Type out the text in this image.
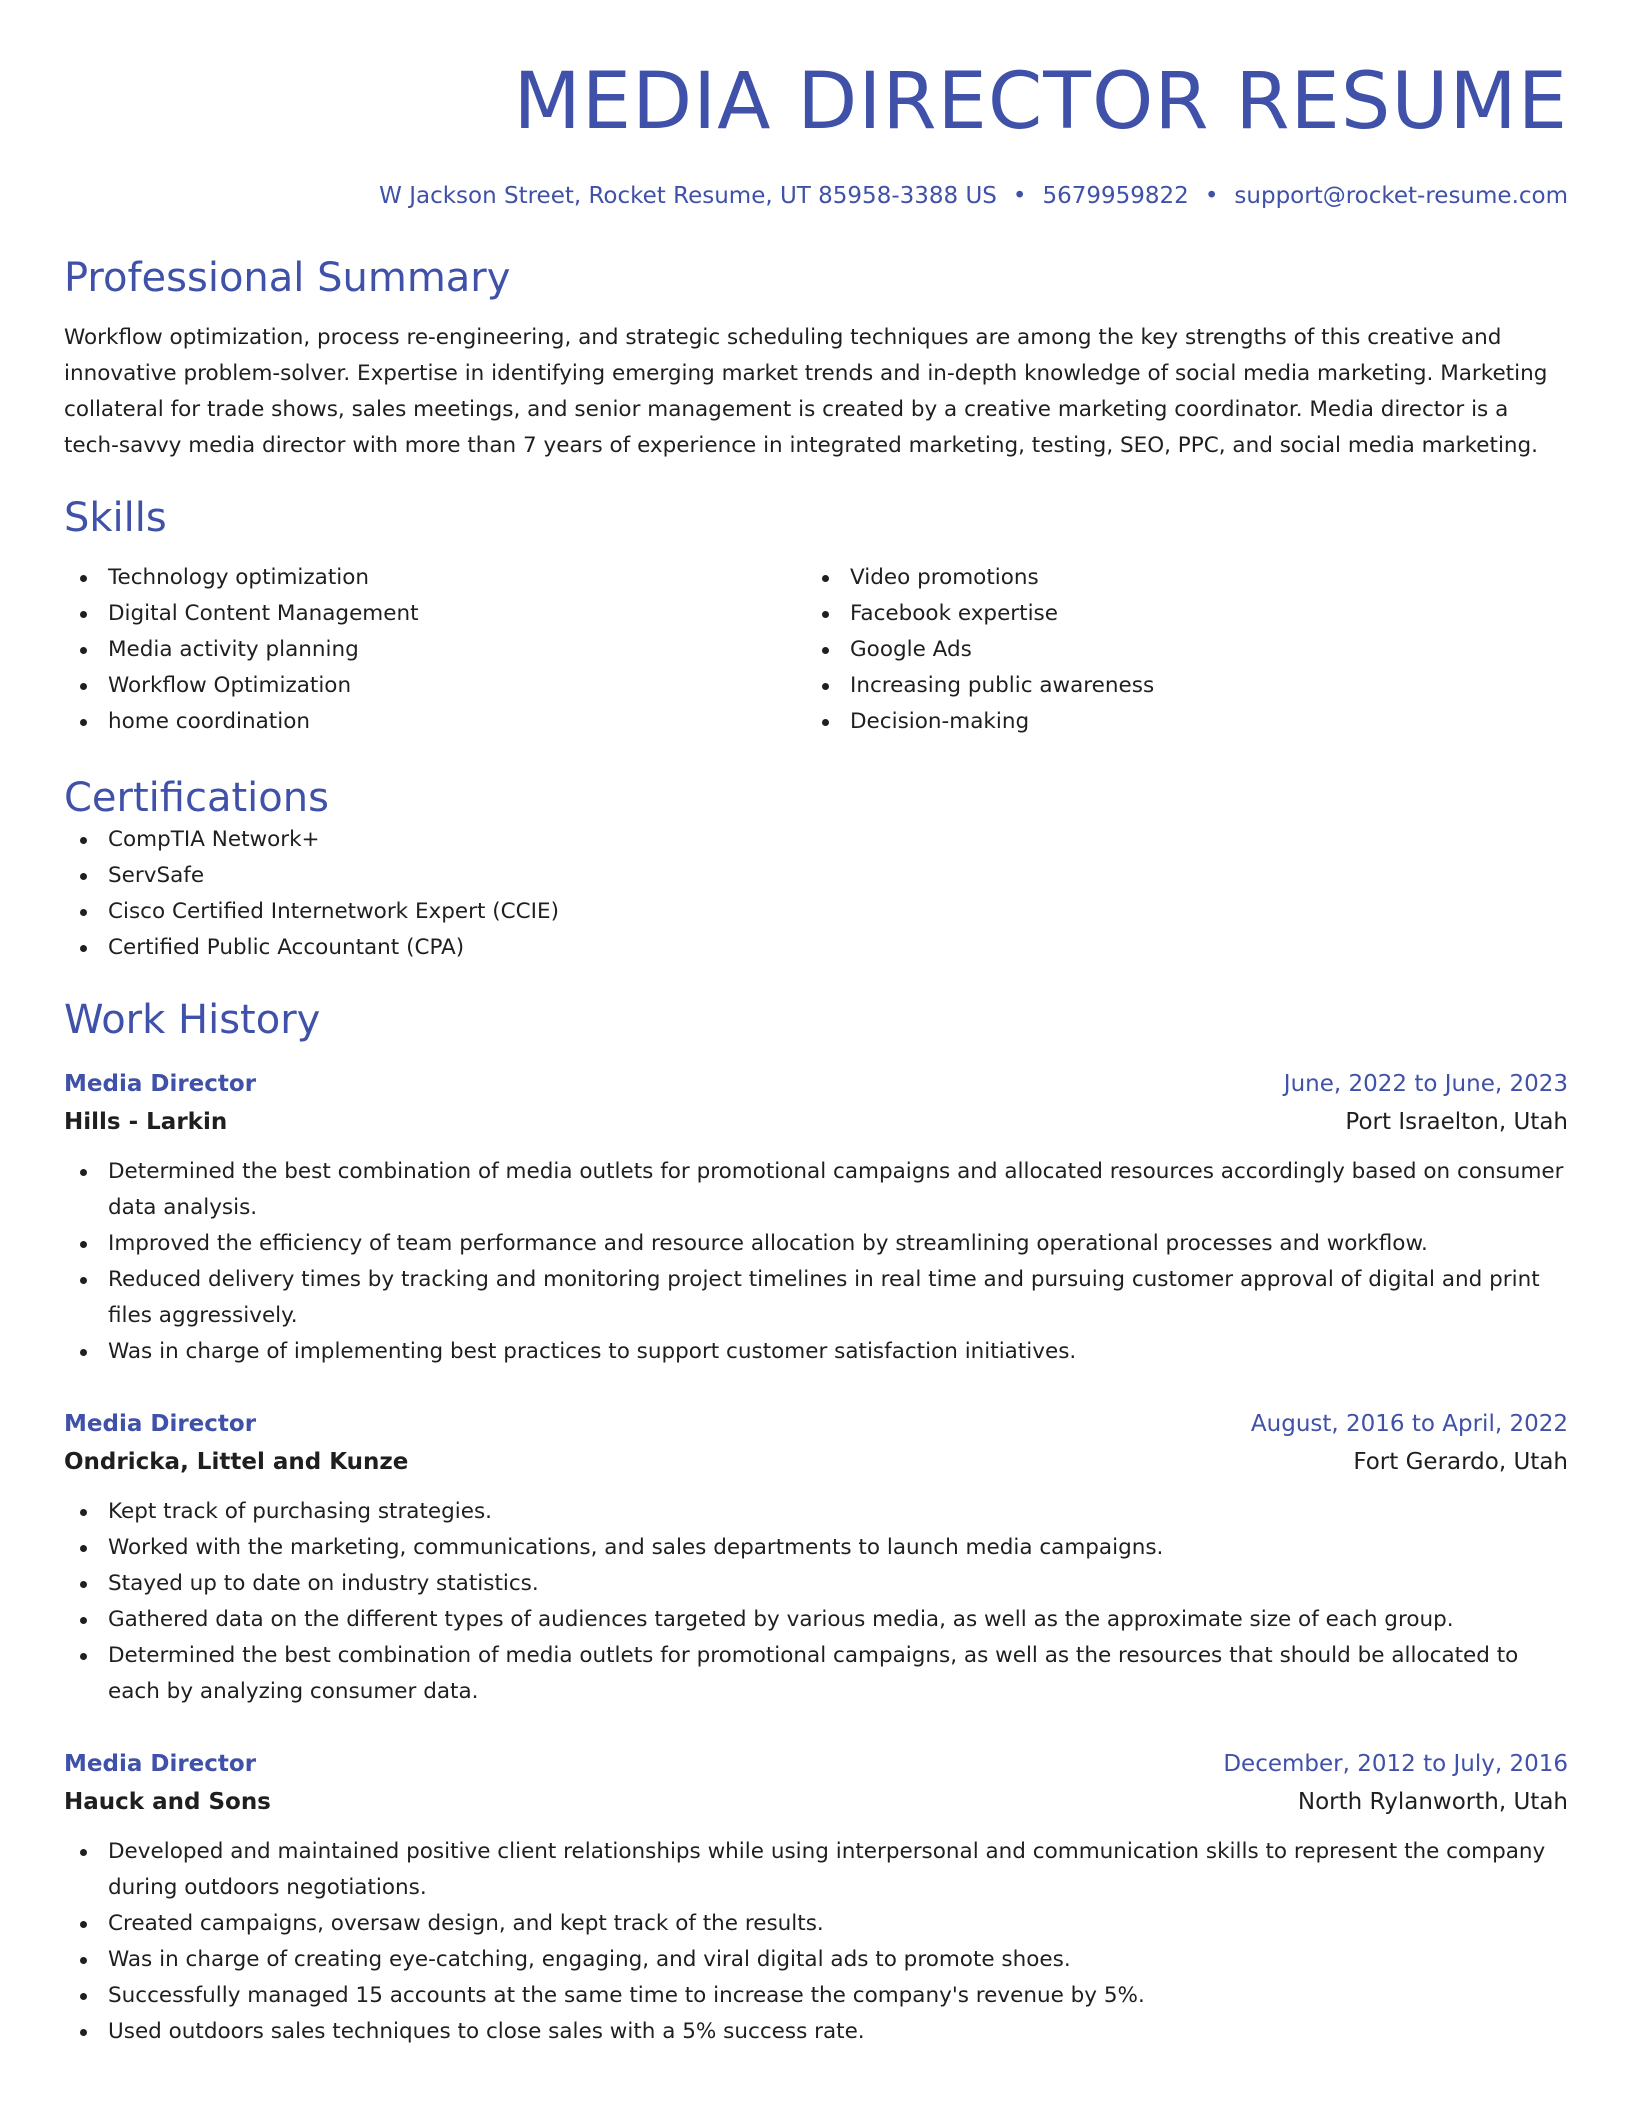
MEDIA DIRECTOR RESUME
W Jackson Street, Rocket Resume, UT 85958-3388 US • 5679959822 • support@rocket-resume.com
Professional Summary

Workflow optimization, process re-engineering, and strategic scheduling techniques are among the key strengths of this creative and innovative problem-solver. Expertise in identifying emerging market trends and in-depth knowledge of social media marketing. Marketing collateral for trade shows, sales meetings, and senior management is created by a creative marketing coordinator. Media director is a tech-savvy media director with more than 7 years of experience in integrated marketing, testing, SEO, PPC, and social media marketing.

Skills
Technology optimization
Digital Content Management
Media activity planning
Workflow Optimization
home coordination
Video promotions
Facebook expertise
Google Ads
Increasing public awareness
Decision-making
Certifications
CompTIA Network+
ServSafe
Cisco Certified Internetwork Expert (CCIE)
Certified Public Accountant (CPA)
Work History
Media Director	June, 2022 to June, 2023
Hills - Larkin	Port Israelton, Utah
Determined the best combination of media outlets for promotional campaigns and allocated resources accordingly based on consumer data analysis.
Improved the efficiency of team performance and resource allocation by streamlining operational processes and workflow.
Reduced delivery times by tracking and monitoring project timelines in real time and pursuing customer approval of digital and print files aggressively.
Was in charge of implementing best practices to support customer satisfaction initiatives.
Media Director	August, 2016 to April, 2022
Ondricka, Littel and Kunze	Fort Gerardo, Utah
Kept track of purchasing strategies.
Worked with the marketing, communications, and sales departments to launch media campaigns.
Stayed up to date on industry statistics.
Gathered data on the different types of audiences targeted by various media, as well as the approximate size of each group.
Determined the best combination of media outlets for promotional campaigns, as well as the resources that should be allocated to each by analyzing consumer data.
Media Director	December, 2012 to July, 2016
Hauck and Sons	North Rylanworth, Utah
Developed and maintained positive client relationships while using interpersonal and communication skills to represent the company during outdoors negotiations.
Created campaigns, oversaw design, and kept track of the results.
Was in charge of creating eye-catching, engaging, and viral digital ads to promote shoes.
Successfully managed 15 accounts at the same time to increase the company's revenue by 5%.
Used outdoors sales techniques to close sales with a 5% success rate.
